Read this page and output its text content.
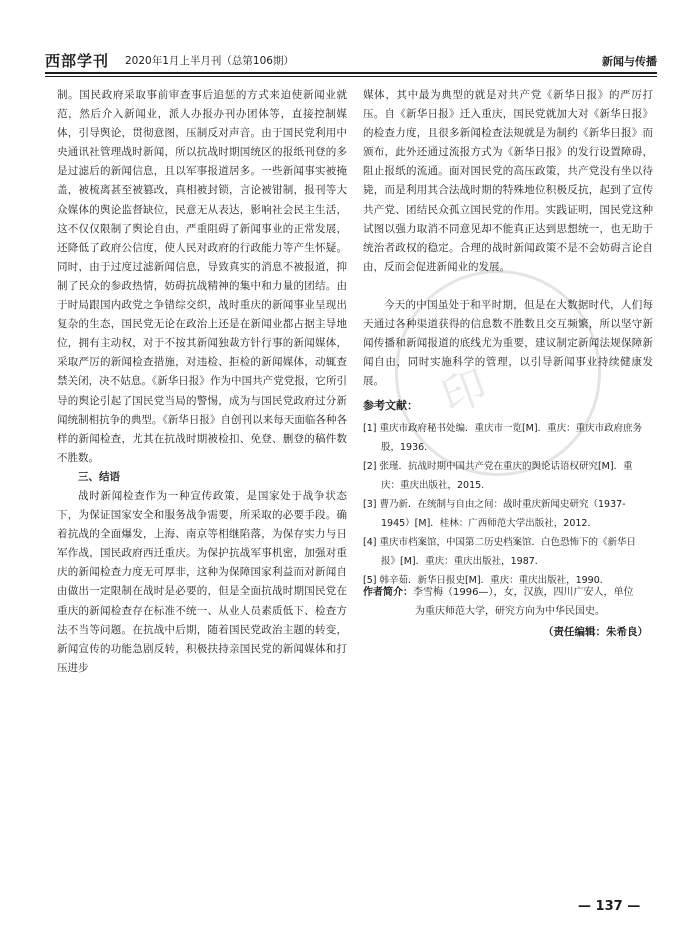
西部学刊 2020年1月上半月刊（总第106期）	新闻与传播
印

制。国民政府采取事前审查事后追惩的方式来迫使新闻业就范，然后介入新闻业，派人办报办刊办团体等，直接控制媒体，引导舆论，贯彻意图，压制反对声音。由于国民党利用中央通讯社管理战时新闻，所以抗战时期国统区的报纸刊登的多是过滤后的新闻信息，且以军事报道居多。一些新闻事实被掩盖，被梳离甚至被篡改，真相被封锁，言论被钳制，报刊等大众媒体的舆论监督缺位，民意无从表达，影响社会民主生活，这不仅仅限制了舆论自由，严重阻碍了新闻事业的正常发展，还降低了政府公信度，使人民对政府的行政能力等产生怀疑。同时，由于过度过滤新闻信息，导致真实的消息不被报道，抑制了民众的参政热情，妨碍抗战精神的集中和力量的团结。由于时局跟国内政党之争错综交织，战时重庆的新闻事业呈现出复杂的生态，国民党无论在政治上还是在新闻业都占据主导地位，拥有主动权，对于不按其新闻独裁方针行事的新闻媒体，采取严厉的新闻检查措施，对违检、拒检的新闻媒体，动辄查禁关闭，决不姑息。《新华日报》作为中国共产党党报，它所引导的舆论引起了国民党当局的警惕，成为与国民党政府过分新闻统制相抗争的典型。《新华日报》自创刊以来每天面临各种各样的新闻检查，尤其在抗战时期被检扣、免登、删登的稿件数不胜数。

三、结语

战时新闻检查作为一种宣传政策，是国家处于战争状态下，为保证国家安全和服务战争需要，所采取的必要手段。确着抗战的全面爆发，上海、南京等相继陷落，为保存实力与日军作战，国民政府西迁重庆。为保护抗战军事机密，加强对重庆的新闻检查力度无可厚非，这种为保障国家利益而对新闻自由做出一定限制在战时是必要的，但是全面抗战时期国民党在重庆的新闻检查存在标准不统一、从业人员素质低下、检查方法不当等问题。在抗战中后期，随着国民党政治主题的转变，新闻宣传的功能急剧反转，积极扶持亲国民党的新闻媒体和打压进步

媒体，其中最为典型的就是对共产党《新华日报》的严厉打压。自《新华日报》迁入重庆，国民党就加大对《新华日报》的检查力度，且很多新闻检查法规就是为制约《新华日报》而颁布，此外还通过流报方式为《新华日报》的发行设置障碍，阻止报纸的流通。面对国民党的高压政策，共产党没有坐以待毙，而是利用其合法战时期的特殊地位积极反抗，起到了宣传共产党、团结民众孤立国民党的作用。实践证明，国民党这种试图以强力取消不同意见却不能真正达到思想统一，也无助于统治者政权的稳定。合理的战时新闻政策不是不会妨碍言论自由，反而会促进新闻业的发展。

今天的中国虽处于和平时期，但是在大数据时代，人们每天通过各种渠道获得的信息数不胜数且交互频繁，所以坚守新闻传播和新闻报道的底线尤为重要，建议制定新闻法规保障新闻自由，同时实施科学的管理，以引导新闻事业持续健康发展。

参考文献：
[1] 重庆市政府秘书处编．重庆市一览[M]．重庆：重庆市政府庶务股，1936.
[2] 张瑾．抗战时期中国共产党在重庆的舆论话语权研究[M]．重庆：重庆出版社，2015.
[3] 曹乃新．在统制与自由之间：战时重庆新闻史研究（1937-1945）[M]．桂林：广西师范大学出版社，2012.
[4] 重庆市档案馆，中国第二历史档案馆．白色恐怖下的《新华日报》[M]．重庆：重庆出版社，1987.
[5] 韩辛茹．新华日报史[M]．重庆：重庆出版社，1990.
作者简介：李雪梅（1996—），女，汉族，四川广安人，单位
为重庆师范大学，研究方向为中华民国史。
（责任编辑：朱希良）
— 137 —
